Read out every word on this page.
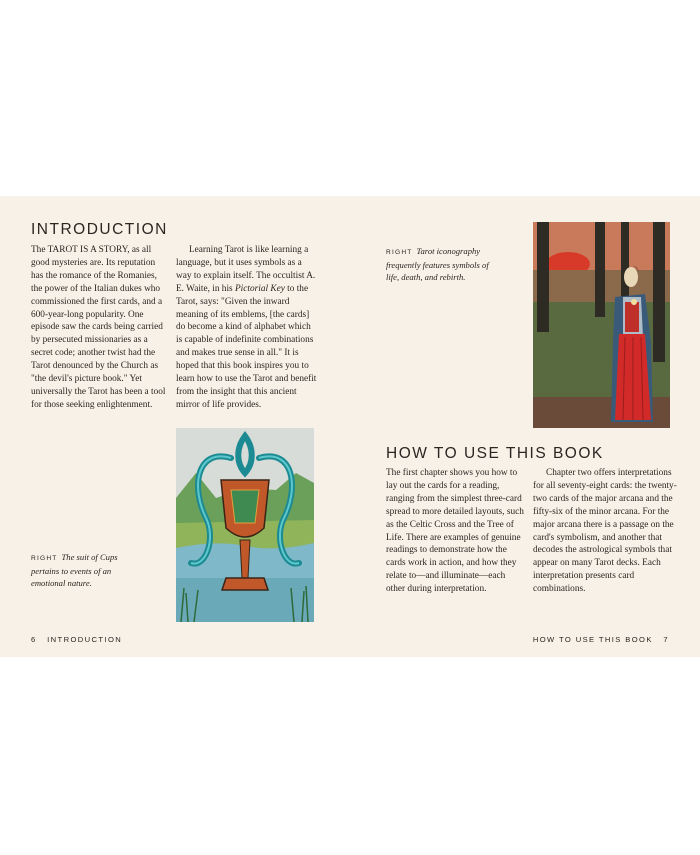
INTRODUCTION

The TAROT IS A STORY, as all good mysteries are. Its reputation has the romance of the Romanies, the power of the Italian dukes who commissioned the first cards, and a 600-year-long popularity. One episode saw the cards being carried by persecuted missionaries as a secret code; another twist had the Tarot denounced by the Church as "the devil's picture book." Yet universally the Tarot has been a tool for those seeking enlightenment.

Learning Tarot is like learning a language, but it uses symbols as a way to explain itself. The occultist A. E. Waite, in his Pictorial Key to the Tarot, says: "Given the inward meaning of its emblems, [the cards] do become a kind of alphabet which is capable of indefinite combinations and makes true sense in all." It is hoped that this book inspires you to learn how to use the Tarot and benefit from the insight that this ancient mirror of life provides.

RIGHT The suit of Cups pertains to events of an emotional nature.

6 INTRODUCTION

RIGHT Tarot iconography frequently features symbols of life, death, and rebirth.

HOW TO USE THIS BOOK

The first chapter shows you how to lay out the cards for a reading, ranging from the simplest three-card spread to more detailed layouts, such as the Celtic Cross and the Tree of Life. There are examples of genuine readings to demonstrate how the cards work in action, and how they relate to—and illuminate—each other during interpretation.

Chapter two offers interpretations for all seventy-eight cards: the twenty-two cards of the major arcana and the fifty-six of the minor arcana. For the major arcana there is a passage on the card's symbolism, and another that decodes the astrological symbols that appear on many Tarot decks. Each interpretation presents card combinations.

HOW TO USE THIS BOOK 7
